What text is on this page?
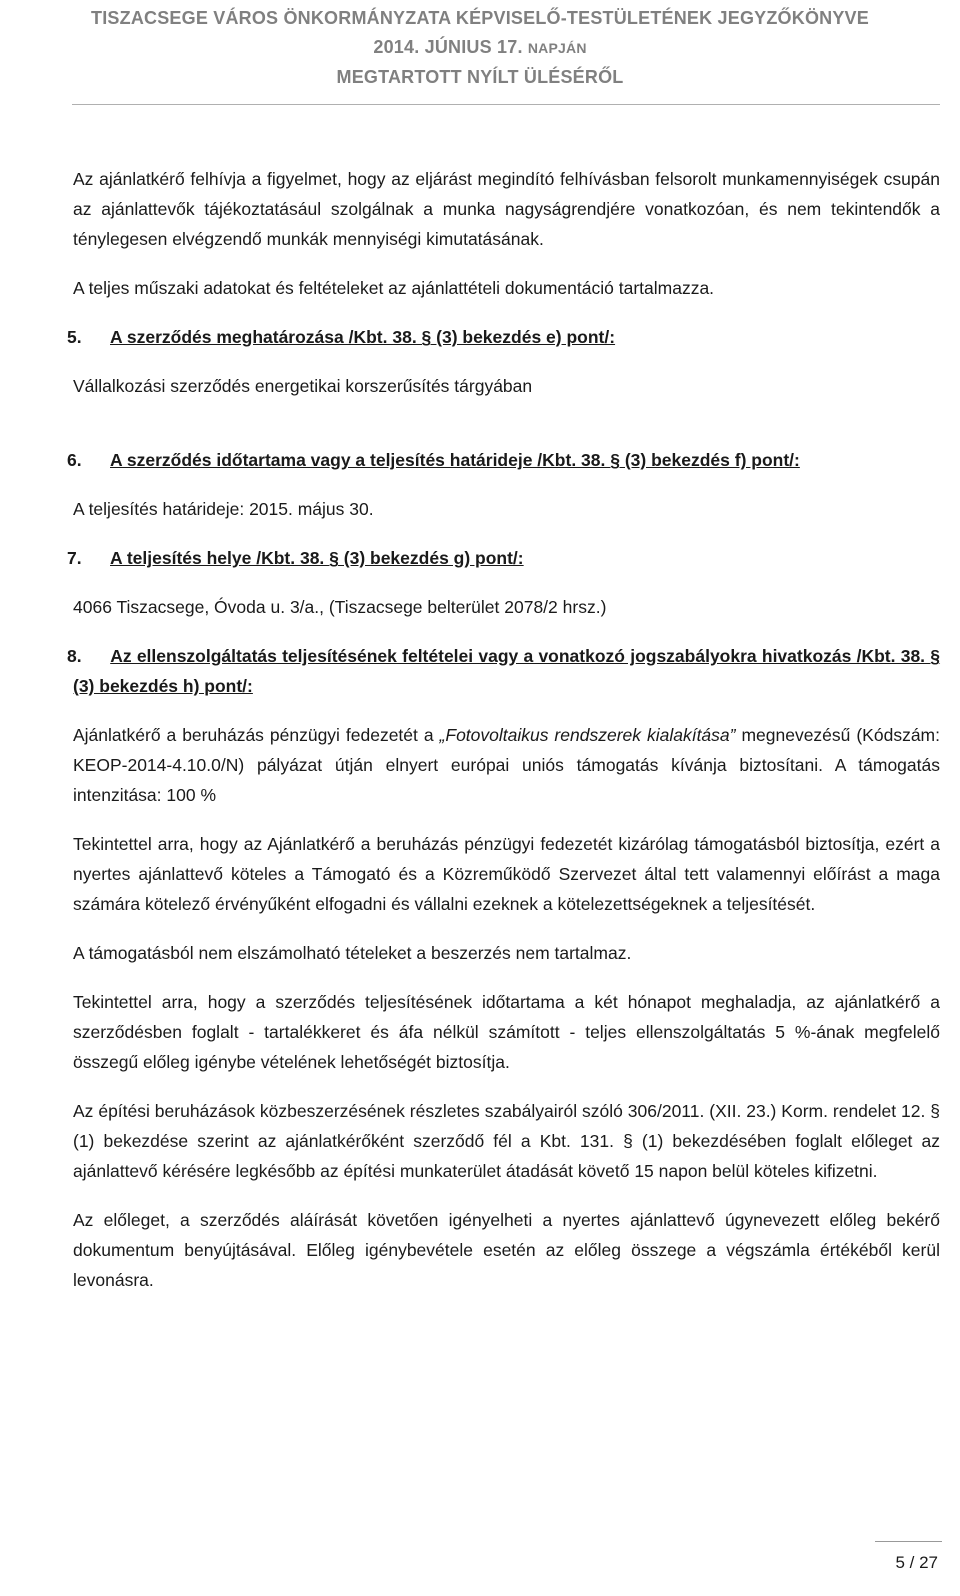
TISZACSEGE VÁROS ÖNKORMÁNYZATA KÉPVISELŐ-TESTÜLETÉNEK JEGYZŐKÖNYVE
2014. JÚNIUS 17. NAPJÁN
MEGTARTOTT NYÍLT ÜLÉSÉRŐL

Az ajánlatkérő felhívja a figyelmet, hogy az eljárást megindító felhívásban felsorolt munkamennyiségek csupán az ajánlattevők tájékoztatásául szolgálnak a munka nagyságrendjére vonatkozóan, és nem tekintendők a ténylegesen elvégzendő munkák mennyiségi kimutatásának.

A teljes műszaki adatokat és feltételeket az ajánlattételi dokumentáció tartalmazza.

5. A szerződés meghatározása /Kbt. 38. § (3) bekezdés e) pont/:

Vállalkozási szerződés energetikai korszerűsítés tárgyában

6. A szerződés időtartama vagy a teljesítés határideje /Kbt. 38. § (3) bekezdés f) pont/:

A teljesítés határideje: 2015. május 30.

7. A teljesítés helye /Kbt. 38. § (3) bekezdés g) pont/:

4066 Tiszacsege, Óvoda u. 3/a., (Tiszacsege belterület 2078/2 hrsz.)

8. Az ellenszolgáltatás teljesítésének feltételei vagy a vonatkozó jogszabályokra hivatkozás /Kbt. 38. § (3) bekezdés h) pont/:

Ajánlatkérő a beruházás pénzügyi fedezetét a „Fotovoltaikus rendszerek kialakítása” megnevezésű (Kódszám: KEOP-2014-4.10.0/N) pályázat útján elnyert európai uniós támogatás kívánja biztosítani. A támogatás intenzitása: 100 %

Tekintettel arra, hogy az Ajánlatkérő a beruházás pénzügyi fedezetét kizárólag támogatásból biztosítja, ezért a nyertes ajánlattevő köteles a Támogató és a Közreműködő Szervezet által tett valamennyi előírást a maga számára kötelező érvényűként elfogadni és vállalni ezeknek a kötelezettségeknek a teljesítését.

A támogatásból nem elszámolható tételeket a beszerzés nem tartalmaz.

Tekintettel arra, hogy a szerződés teljesítésének időtartama a két hónapot meghaladja, az ajánlatkérő a szerződésben foglalt - tartalékkeret és áfa nélkül számított - teljes ellenszolgáltatás 5 %-ának megfelelő összegű előleg igénybe vételének lehetőségét biztosítja.

Az építési beruházások közbeszerzésének részletes szabályairól szóló 306/2011. (XII. 23.) Korm. rendelet 12. § (1) bekezdése szerint az ajánlatkérőként szerződő fél a Kbt. 131. § (1) bekezdésében foglalt előleget az ajánlattevő kérésére legkésőbb az építési munkaterület átadását követő 15 napon belül köteles kifizetni.

Az előleget, a szerződés aláírását követően igényelheti a nyertes ajánlattevő úgynevezett előleg bekérő dokumentum benyújtásával. Előleg igénybevétele esetén az előleg összege a végszámla értékéből kerül levonásra.

5 / 27
